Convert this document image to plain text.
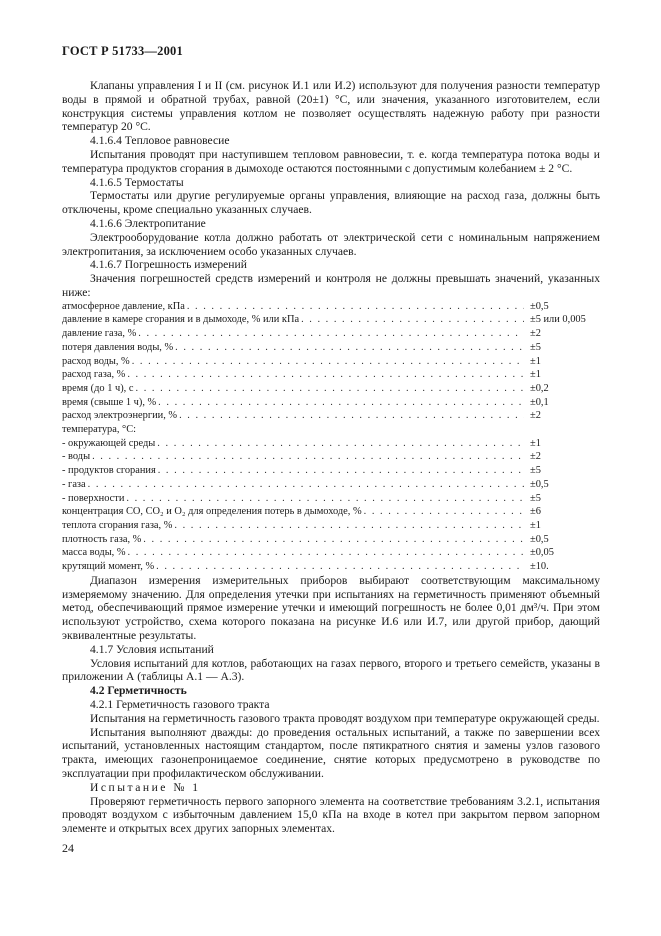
ГОСТ Р 51733—2001

Клапаны управления I и II (см. рисунок И.1 или И.2) используют для получения разности температур воды в прямой и обратной трубах, равной (20±1) °С, или значения, указанного изготовителем, если конструкция системы управления котлом не позволяет осуществлять надежную работу при разности температур 20 °С.

4.1.6.4 Тепловое равновесие

Испытания проводят при наступившем тепловом равновесии, т. е. когда температура потока воды и температура продуктов сгорания в дымоходе остаются постоянными с допустимым колебанием ± 2 °С.

4.1.6.5 Термостаты

Термостаты или другие регулируемые органы управления, влияющие на расход газа, должны быть отключены, кроме специально указанных случаев.

4.1.6.6 Электропитание

Электрооборудование котла должно работать от электрической сети с номинальным напряжением электропитания, за исключением особо указанных случаев.

4.1.6.7 Погрешность измерений

Значения погрешностей средств измерений и контроля не должны превышать значений, указанных ниже:

атмосферное давление, кПа . . .	±0,5
давление в камере сгорания и в дымоходе, % или кПа . . .	±5 или 0,005
давление газа, % . . .	±2
потеря давления воды, % . . .	±5
расход воды, % . . .	±1
расход газа, % . . .	±1
время (до 1 ч), с . . .	±0,2
время (свыше 1 ч), % . . .	±0,1
расход электроэнергии, % . . .	±2
температура, °С:
- окружающей среды . . .	±1
- воды . . .	±2
- продуктов сгорания . . .	±5
- газа . . .	±0,5
- поверхности . . .	±5
концентрация СО, СО₂ и О₂ для определения потерь в дымоходе, % . . .	±6
теплота сгорания газа, % . . .	±1
плотность газа, % . . .	±0,5
масса воды, % . . .	±0,05
крутящий момент, % . . .	±10.

Диапазон измерения измерительных приборов выбирают соответствующим максимальному измеряемому значению. Для определения утечки при испытаниях на герметичность применяют объемный метод, обеспечивающий прямое измерение утечки и имеющий погрешность не более 0,01 дм³/ч. При этом используют устройство, схема которого показана на рисунке И.6 или И.7, или другой прибор, дающий эквивалентные результаты.

4.1.7 Условия испытаний

Условия испытаний для котлов, работающих на газах первого, второго и третьего семейств, указаны в приложении А (таблицы А.1 — А.3).

4.2 Герметичность

4.2.1 Герметичность газового тракта

Испытания на герметичность газового тракта проводят воздухом при температуре окружающей среды.

Испытания выполняют дважды: до проведения остальных испытаний, а также по завершении всех испытаний, установленных настоящим стандартом, после пятикратного снятия и замены узлов газового тракта, имеющих газонепроницаемое соединение, снятие которых предусмотрено в руководстве по эксплуатации при профилактическом обслуживании.

Испытание № 1

Проверяют герметичность первого запорного элемента на соответствие требованиям 3.2.1, испытания проводят воздухом с избыточным давлением 15,0 кПа на входе в котел при закрытом первом запорном элементе и открытых всех других запорных элементах.

24
